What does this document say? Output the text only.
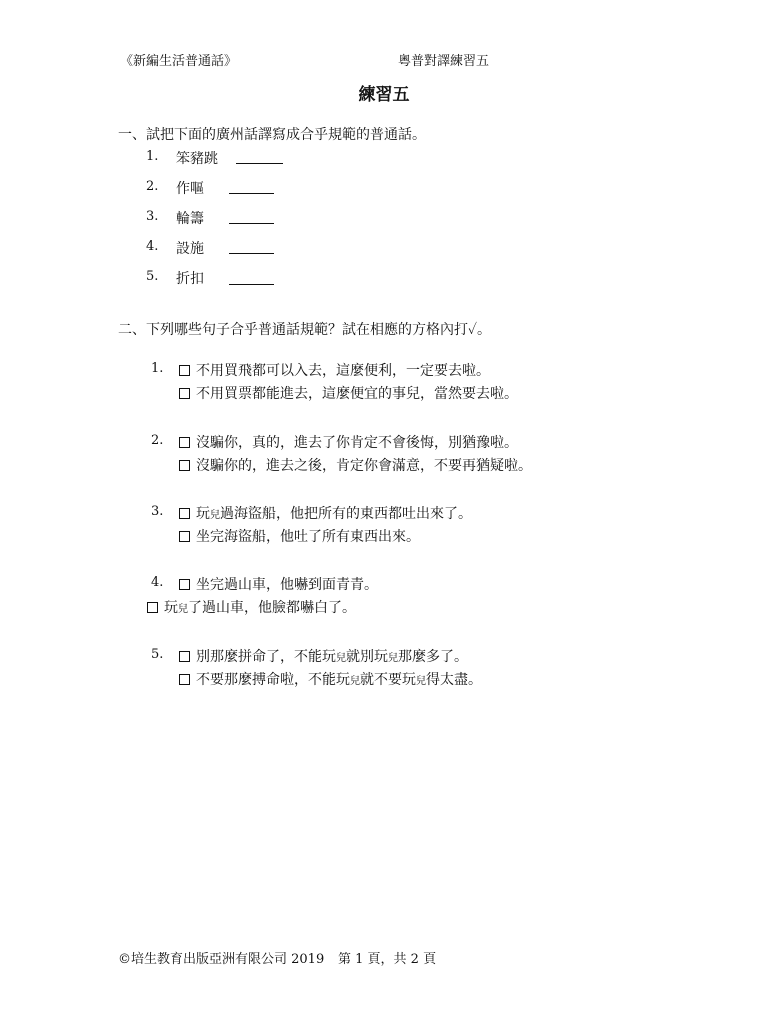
《新編生活普通話》	粵普對譯練習五
練習五
一、試把下面的廣州話譯寫成合乎規範的普通話。
1. 笨豬跳
2. 作嘔
3. 輪籌
4. 設施
5. 折扣
二、下列哪些句子合乎普通話規範？試在相應的方格內打✓。
1.	不用買飛都可以入去，這麼便利，一定要去啦。
不用買票都能進去，這麼便宜的事兒，當然要去啦。
2.	沒騙你，真的，進去了你肯定不會後悔，別猶豫啦。
沒騙你的，進去之後，肯定你會滿意，不要再猶疑啦。
3.	玩兒過海盜船，他把所有的東西都吐出來了。
坐完海盜船，他吐了所有東西出來。
4.	坐完過山車，他嚇到面青青。
玩兒了過山車，他臉都嚇白了。
5.	別那麼拼命了，不能玩兒就別玩兒那麼多了。
不要那麼搏命啦，不能玩兒就不要玩兒得太盡。
©培生教育出版亞洲有限公司 2019 第 1 頁，共 2 頁
